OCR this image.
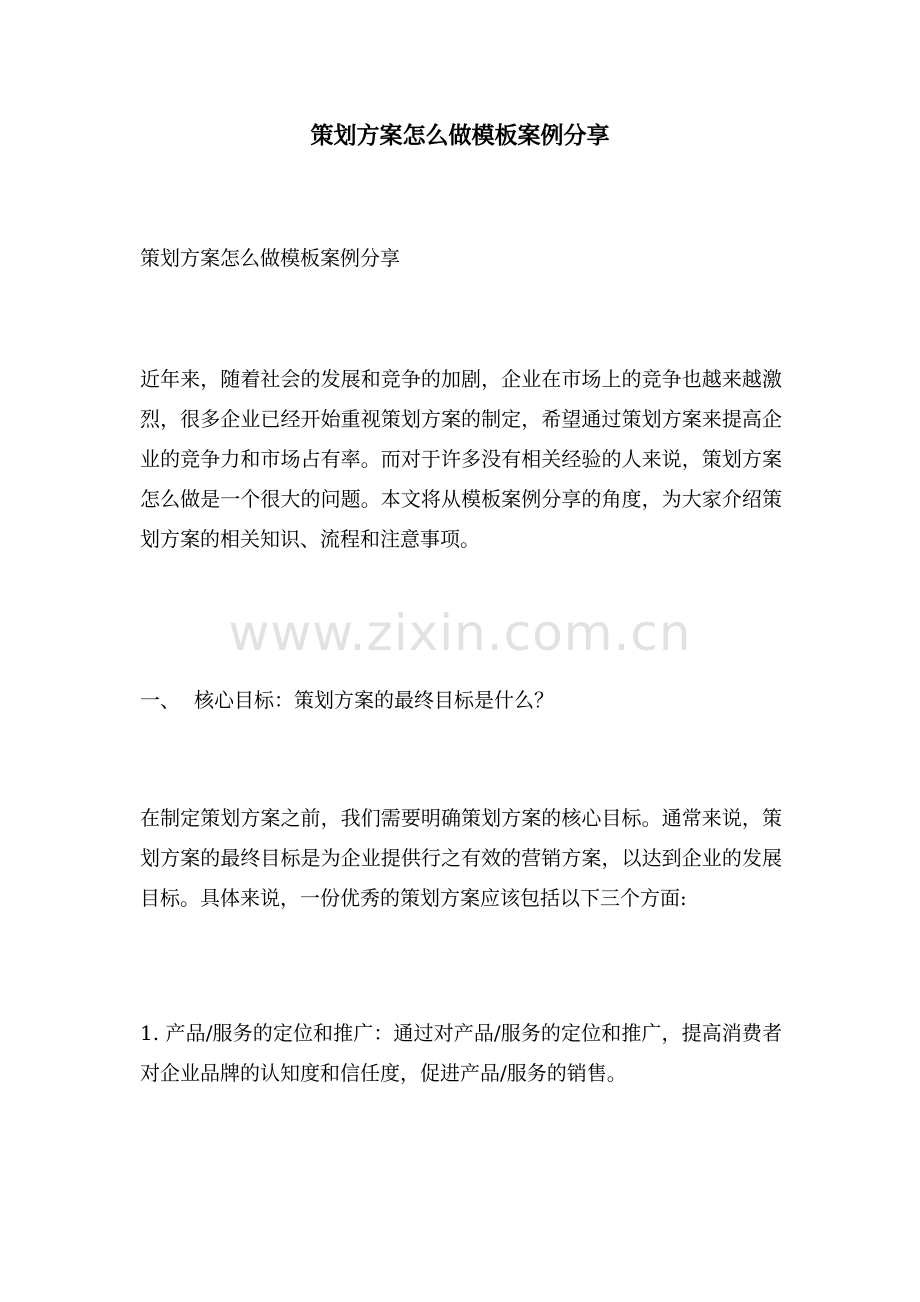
策划方案怎么做模板案例分享

策划方案怎么做模板案例分享

近年来，随着社会的发展和竞争的加剧，企业在市场上的竞争也越来越激烈，很多企业已经开始重视策划方案的制定，希望通过策划方案来提高企业的竞争力和市场占有率。而对于许多没有相关经验的人来说，策划方案怎么做是一个很大的问题。本文将从模板案例分享的角度，为大家介绍策划方案的相关知识、流程和注意事项。

www.zixin.com.cn

一、 核心目标：策划方案的最终目标是什么？

在制定策划方案之前，我们需要明确策划方案的核心目标。通常来说，策划方案的最终目标是为企业提供行之有效的营销方案，以达到企业的发展目标。具体来说，一份优秀的策划方案应该包括以下三个方面:

1. 产品/服务的定位和推广：通过对产品/服务的定位和推广，提高消费者对企业品牌的认知度和信任度，促进产品/服务的销售。
